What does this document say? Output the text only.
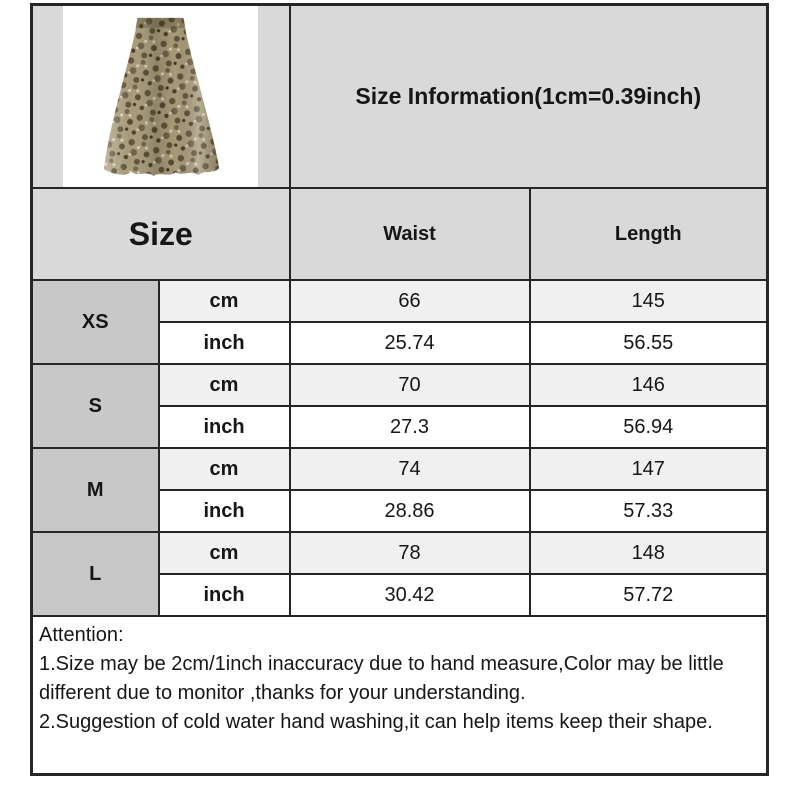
	Size Information(1cm=0.39inch)	
Size		Waist	Length
XS	cm	66	145
	inch	25.74	56.55
S	cm	70	146
	inch	27.3	56.94
M	cm	74	147
	inch	28.86	57.33
L	cm	78	148
	inch	30.42	57.72

Attention:
1.Size may be 2cm/1inch inaccuracy due to hand measure,Color may be little
different due to monitor ,thanks for your understanding.
2.Suggestion of cold water hand washing,it can help items keep their shape.			
